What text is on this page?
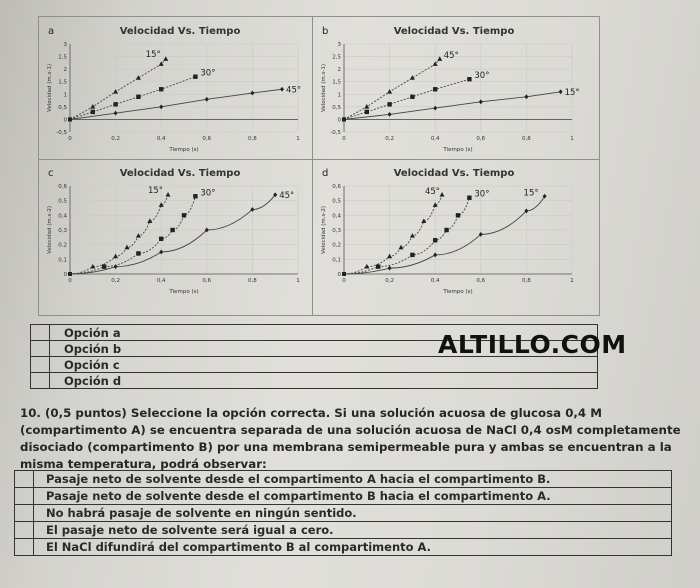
a	Velocidad Vs. Tiempo
0	0,2	0,4	0,6	0,8	1
3
2,5
2
1,5
1
0,5
0
-0,5
Tiempo (s)
Velocidad (m.s-1)
15°
30°
45°
b	Velocidad Vs. Tiempo
0	0,2	0,4	0,6	0,8	1
3
2,5
2
1,5
1
0,5
0
-0,5
Tiempo (s)
Velocidad (m.s-1)
45°
30°
15°
c	Velocidad Vs. Tiempo
0	0,2	0,4	0,6	0,8	1
0,6
0,5
0,4
0,3
0,2
0,1
0
Tiempo (s)
Velocidad (m.s-2)
15°	30°	45°
d	Velocidad Vs. Tiempo
0	0,2	0,4	0,6	0,8	1
0,6
0,5
0,4
0,3
0,2
0,1
0
Tiempo (s)
Velocidad (m.s-2)
45°	30°	15°
	Opción a
	Opción b
	Opción c
	Opción d
ALTILLO.COM
10. (0,5 puntos) Seleccione la opción correcta. Si una solución acuosa de glucosa 0,4 M (compartimento A) se encuentra separada de una solución acuosa de NaCl 0,4 osM completamente disociado (compartimento B) por una membrana semipermeable pura y ambas se encuentran a la misma temperatura, podrá observar:
	Pasaje neto de solvente desde el compartimento A hacia el compartimento B.
	Pasaje neto de solvente desde el compartimento B hacia el compartimento A.
	No habrá pasaje de solvente en ningún sentido.
	El pasaje neto de solvente será igual a cero.
	El NaCl difundirá del compartimento B al compartimento A.
